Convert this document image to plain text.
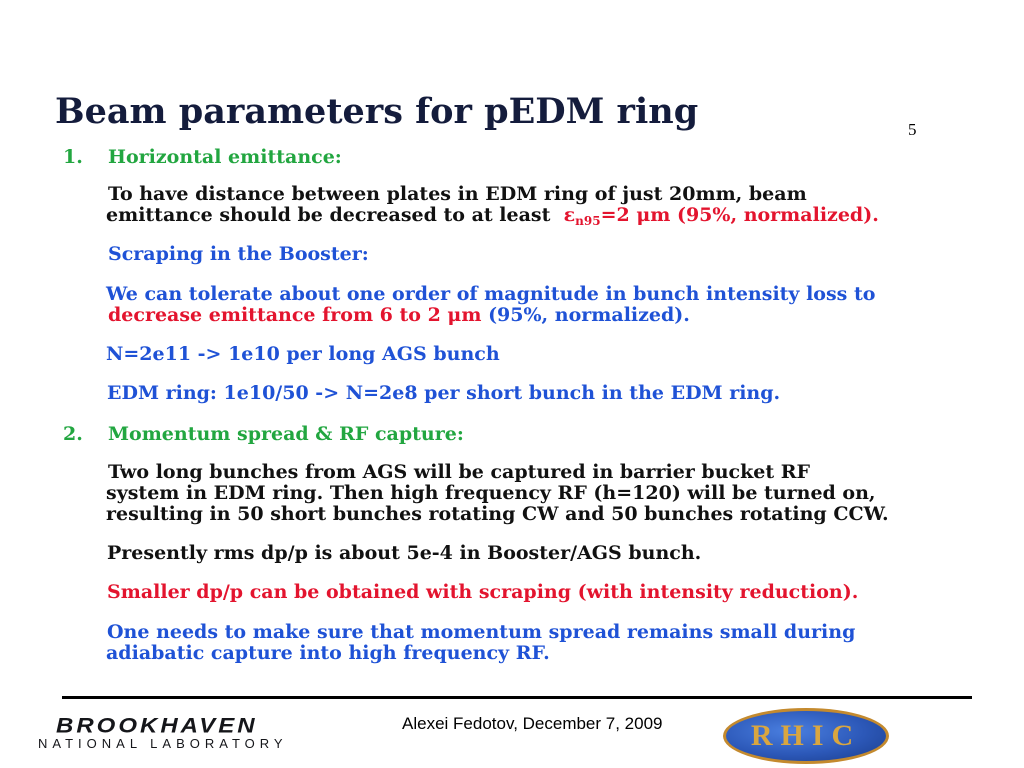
Beam parameters for pEDM ring	5
1. Horizontal emittance:
To have distance between plates in EDM ring of just 20mm, beam
emittance should be decreased to at least $\varepsilon_{n95}=2$ μm (95%, normalized).
Scraping in the Booster:
We can tolerate about one order of magnitude in bunch intensity loss to
decrease emittance from 6 to 2 μm (95%, normalized).
N=2e11 -> 1e10 per long AGS bunch
EDM ring: 1e10/50 -> N=2e8 per short bunch in the EDM ring.
2. Momentum spread & RF capture:
Two long bunches from AGS will be captured in barrier bucket RF
system in EDM ring. Then high frequency RF (h=120) will be turned on,
resulting in 50 short bunches rotating CW and 50 bunches rotating CCW.
Presently rms dp/p is about 5e-4 in Booster/AGS bunch.
Smaller dp/p can be obtained with scraping (with intensity reduction).
One needs to make sure that momentum spread remains small during
adiabatic capture into high frequency RF.
BROOKHAVEN
NATIONAL LABORATORY
Alexei Fedotov, December 7, 2009	RHIC
